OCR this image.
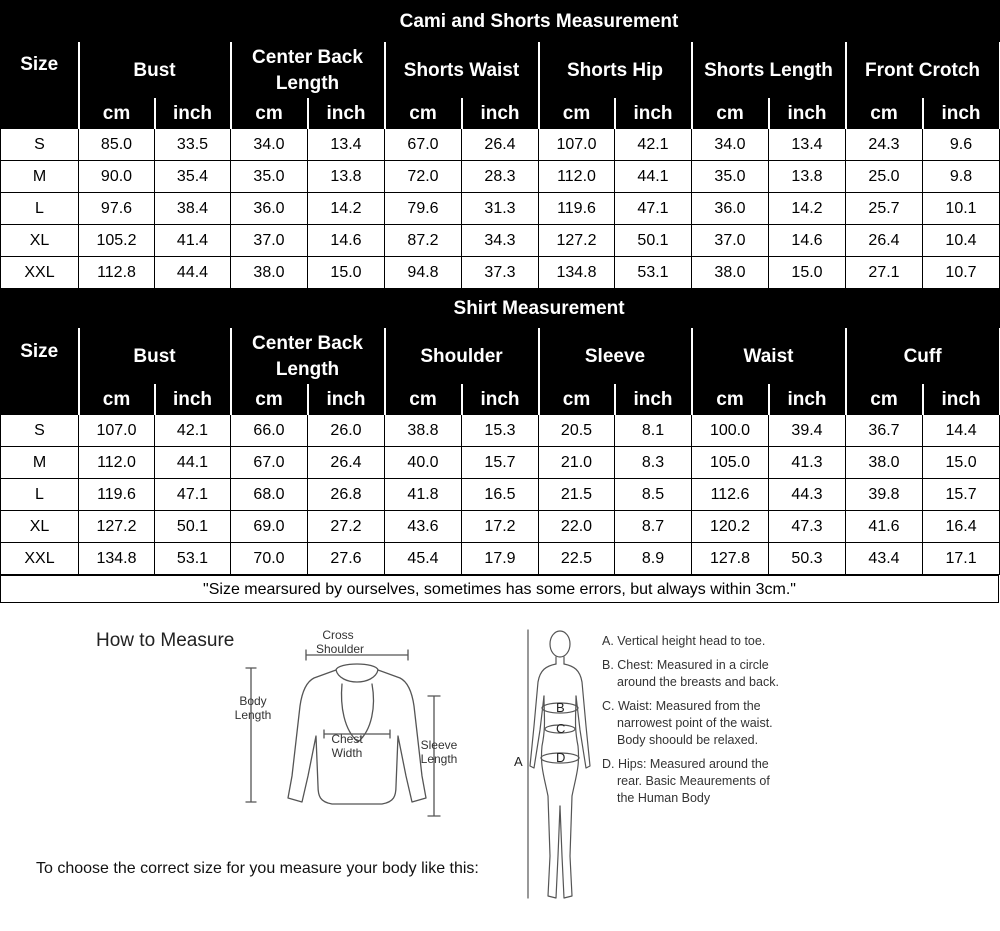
Size	Cami and Shorts Measurement											
	Bust		Center Back Length		Shorts Waist		Shorts Hip		Shorts Length		Front Crotch	
	cm	inch	cm	inch	cm	inch	cm	inch	cm	inch	cm	inch
S	85.0	33.5	34.0	13.4	67.0	26.4	107.0	42.1	34.0	13.4	24.3	9.6
M	90.0	35.4	35.0	13.8	72.0	28.3	112.0	44.1	35.0	13.8	25.0	9.8
L	97.6	38.4	36.0	14.2	79.6	31.3	119.6	47.1	36.0	14.2	25.7	10.1
XL	105.2	41.4	37.0	14.6	87.2	34.3	127.2	50.1	37.0	14.6	26.4	10.4
XXL	112.8	44.4	38.0	15.0	94.8	37.3	134.8	53.1	38.0	15.0	27.1	10.7
Size	Shirt Measurement											
	Bust		Center Back Length		Shoulder		Sleeve		Waist		Cuff	
	cm	inch	cm	inch	cm	inch	cm	inch	cm	inch	cm	inch
S	107.0	42.1	66.0	26.0	38.8	15.3	20.5	8.1	100.0	39.4	36.7	14.4
M	112.0	44.1	67.0	26.4	40.0	15.7	21.0	8.3	105.0	41.3	38.0	15.0
L	119.6	47.1	68.0	26.8	41.8	16.5	21.5	8.5	112.6	44.3	39.8	15.7
XL	127.2	50.1	69.0	27.2	43.6	17.2	22.0	8.7	120.2	47.3	41.6	16.4
XXL	134.8	53.1	70.0	27.6	45.4	17.9	22.5	8.9	127.8	50.3	43.4	17.1
"Size mearsured by ourselves, sometimes has some errors, but always within 3cm."
How to Measure	Cross
Shoulder
Body
Length
Chest
Width
Sleeve
Length	A
B
C
D
A. Vertical height head to toe.
B. Chest: Measured in a circle around the breasts and back.
C. Waist: Measured from the narrowest point of the waist. Body shoould be relaxed.
D. Hips: Measured around the rear. Basic Meaurements of the Human Body
To choose the correct size for you measure your body like this:
